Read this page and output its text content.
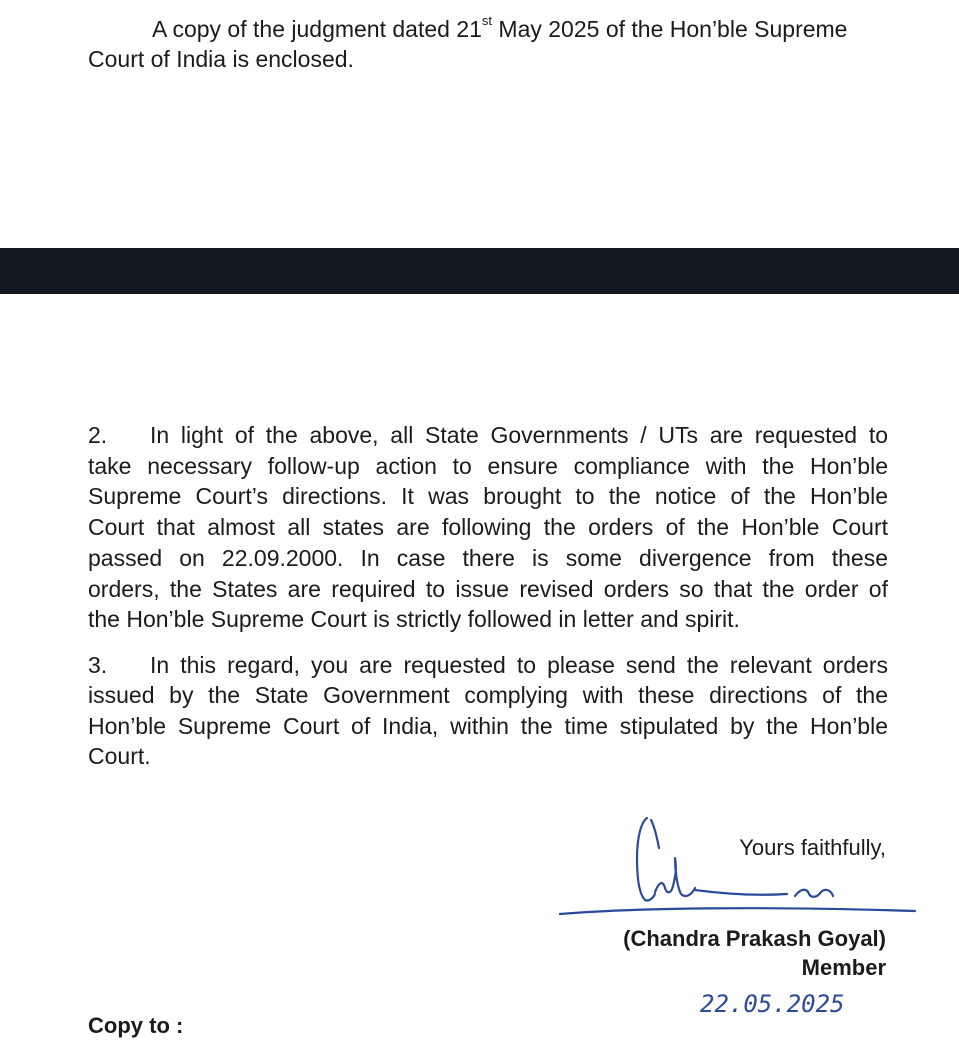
A copy of the judgment dated 21st May 2025 of the Hon’ble Supreme
Court of India is enclosed.
2. In light of the above, all State Governments / UTs are requested to
take necessary follow-up action to ensure compliance with the Hon’ble
Supreme Court’s directions. It was brought to the notice of the Hon’ble
Court that almost all states are following the orders of the Hon’ble Court
passed on 22.09.2000. In case there is some divergence from these
orders, the States are required to issue revised orders so that the order of
the Hon’ble Supreme Court is strictly followed in letter and spirit.
3. In this regard, you are requested to please send the relevant orders
issued by the State Government complying with these directions of the
Hon’ble Supreme Court of India, within the time stipulated by the Hon’ble
Court.
Yours faithfully,
(Chandra Prakash Goyal)
Member
22.05.2025
Copy to :
